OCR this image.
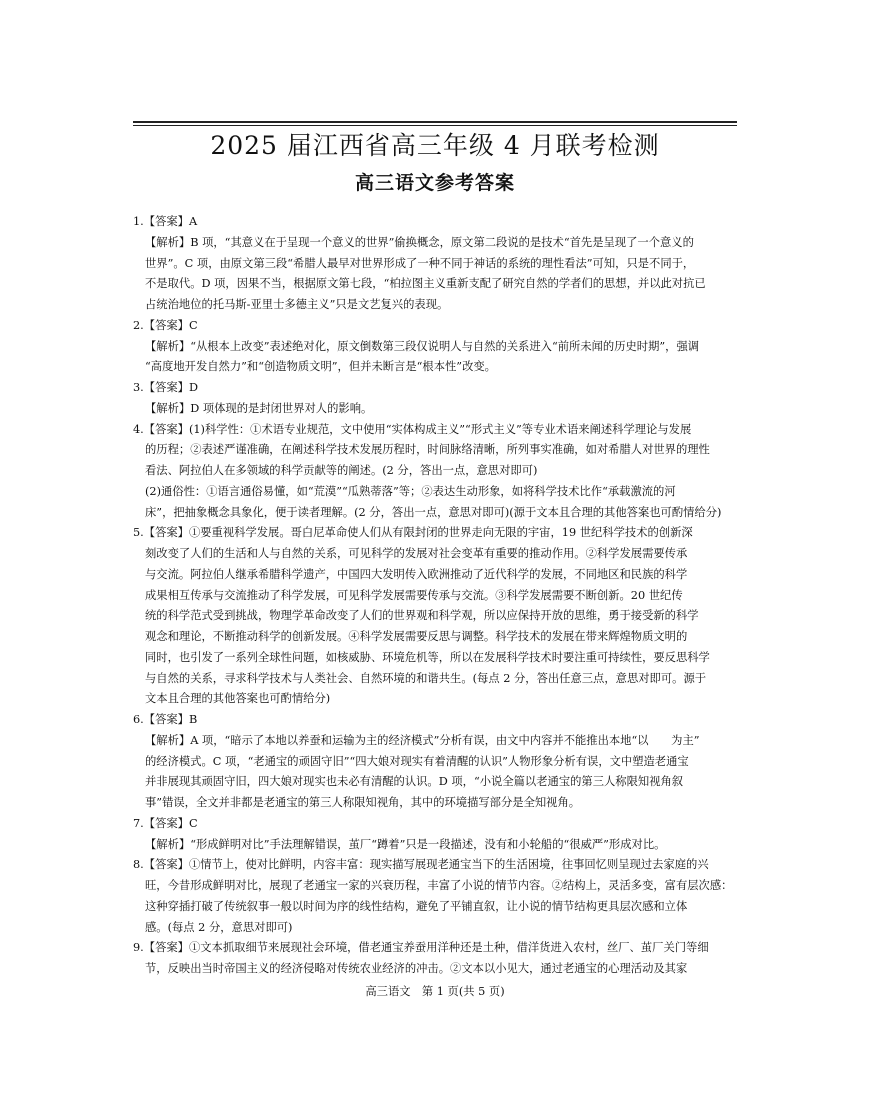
2025 届江西省高三年级 4 月联考检测
高三语文参考答案
1.【答案】A
【解析】B 项，“其意义在于呈现一个意义的世界”偷换概念，原文第二段说的是技术“首先是呈现了一个意义的
世界”。C 项，由原文第三段“希腊人最早对世界形成了一种不同于神话的系统的理性看法”可知，只是不同于，
不是取代。D 项，因果不当，根据原文第七段，“柏拉图主义重新支配了研究自然的学者们的思想，并以此对抗已
占统治地位的托马斯-亚里士多德主义”只是文艺复兴的表现。
2.【答案】C
【解析】“从根本上改变”表述绝对化，原文倒数第三段仅说明人与自然的关系进入“前所未闻的历史时期”，强调
“高度地开发自然力”和“创造物质文明”，但并未断言是“根本性”改变。
3.【答案】D
【解析】D 项体现的是封闭世界对人的影响。
4.【答案】(1)科学性：①术语专业规范，文中使用“实体构成主义”“形式主义”等专业术语来阐述科学理论与发展
的历程；②表述严谨准确，在阐述科学技术发展历程时，时间脉络清晰，所列事实准确，如对希腊人对世界的理性
看法、阿拉伯人在多领域的科学贡献等的阐述。(2 分，答出一点，意思对即可)
(2)通俗性：①语言通俗易懂，如“荒漠”“瓜熟蒂落”等；②表达生动形象，如将科学技术比作“承载激流的河
床”，把抽象概念具象化，便于读者理解。(2 分，答出一点，意思对即可)(源于文本且合理的其他答案也可酌情给分)
5.【答案】①要重视科学发展。哥白尼革命使人们从有限封闭的世界走向无限的宇宙，19 世纪科学技术的创新深
刻改变了人们的生活和人与自然的关系，可见科学的发展对社会变革有重要的推动作用。②科学发展需要传承
与交流。阿拉伯人继承希腊科学遗产，中国四大发明传入欧洲推动了近代科学的发展，不同地区和民族的科学
成果相互传承与交流推动了科学发展，可见科学发展需要传承与交流。③科学发展需要不断创新。20 世纪传
统的科学范式受到挑战，物理学革命改变了人们的世界观和科学观，所以应保持开放的思维，勇于接受新的科学
观念和理论，不断推动科学的创新发展。④科学发展需要反思与调整。科学技术的发展在带来辉煌物质文明的
同时，也引发了一系列全球性问题，如核威胁、环境危机等，所以在发展科学技术时要注重可持续性，要反思科学
与自然的关系，寻求科学技术与人类社会、自然环境的和谐共生。(每点 2 分，答出任意三点，意思对即可。源于
文本且合理的其他答案也可酌情给分)
6.【答案】B
【解析】A 项，“暗示了本地以养蚕和运输为主的经济模式”分析有误，由文中内容并不能推出本地“以　　为主”
的经济模式。C 项，“老通宝的顽固守旧”“四大娘对现实有着清醒的认识”人物形象分析有误，文中塑造老通宝
并非展现其顽固守旧，四大娘对现实也未必有清醒的认识。D 项，“小说全篇以老通宝的第三人称限知视角叙
事”错误，全文并非都是老通宝的第三人称限知视角，其中的环境描写部分是全知视角。
7.【答案】C
【解析】“形成鲜明对比”手法理解错误，茧厂“蹲着”只是一段描述，没有和小轮船的“很威严”形成对比。
8.【答案】①情节上，使对比鲜明，内容丰富：现实描写展现老通宝当下的生活困境，往事回忆则呈现过去家庭的兴
旺，今昔形成鲜明对比，展现了老通宝一家的兴衰历程，丰富了小说的情节内容。②结构上，灵活多变，富有层次感：
这种穿插打破了传统叙事一般以时间为序的线性结构，避免了平铺直叙，让小说的情节结构更具层次感和立体
感。(每点 2 分，意思对即可)
9.【答案】①文本抓取细节来展现社会环境，借老通宝养蚕用洋种还是土种，借洋货进入农村，丝厂、茧厂关门等细
节，反映出当时帝国主义的经济侵略对传统农业经济的冲击。②文本以小见大，通过老通宝的心理活动及其家
高三语文　第 1 页(共 5 页)
